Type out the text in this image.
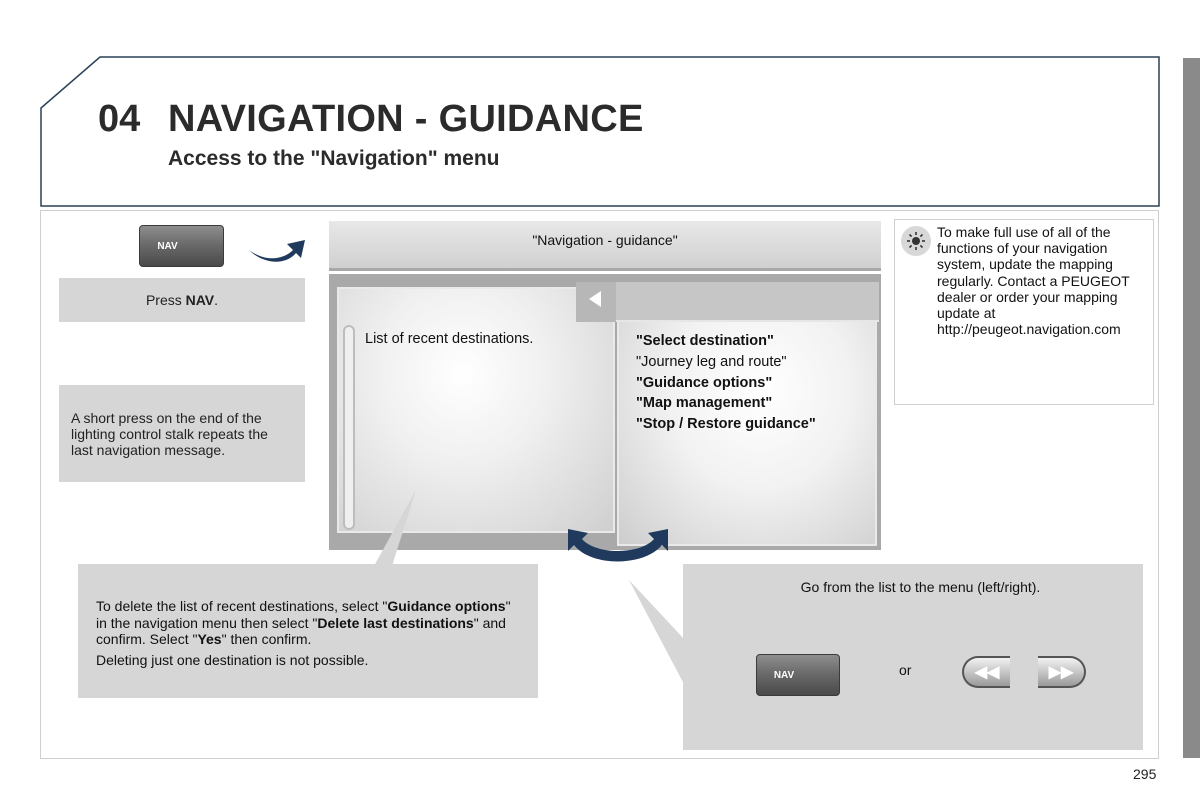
04 NAVIGATION - GUIDANCE
Access to the "Navigation" menu
NAV
Press
NAV .
A short press on the end of the lighting control stalk repeats the last navigation message.
"Navigation - guidance"
List of recent destinations.	"Select destination"
"Journey leg and route"
"Guidance options"
"Map management"
"Stop / Restore guidance"

To make full use of all of the functions of your navigation system, update the mapping regularly. Contact a PEUGEOT dealer or order your mapping update at http://peugeot.navigation.com

To delete the list of recent destinations, select "Guidance options" in the navigation menu then select "Delete last destinations" and confirm. Select "Yes" then confirm.

Deleting just one destination is not possible.

Go from the list to the menu (left/right).
NAV	or	◀◀	▶▶
295
